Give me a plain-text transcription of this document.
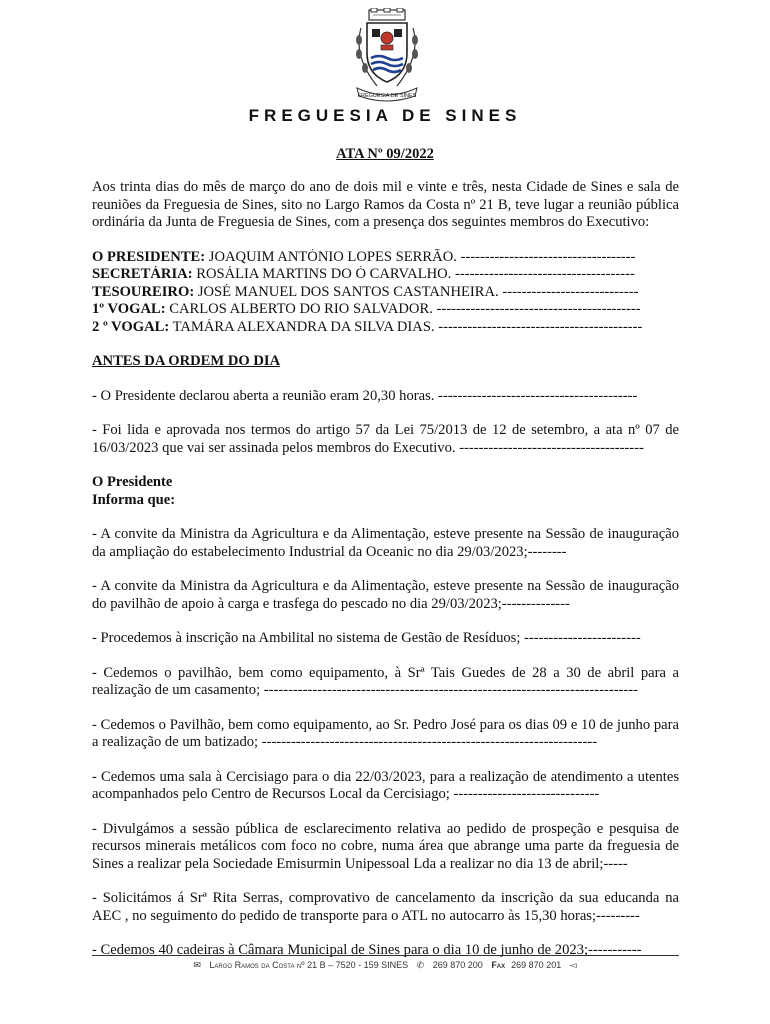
FREGUESIA DE SINES
FREGUESIA DE SINES
ATA Nº 09/2022

Aos trinta dias do mês de março do ano de dois mil e vinte e três, nesta Cidade de Sines e sala de reuniões da Freguesia de Sines, sito no Largo Ramos da Costa nº 21 B, teve lugar a reunião pública ordinária da Junta de Freguesia de Sines, com a presença dos seguintes membros do Executivo:

O PRESIDENTE: JOAQUIM ANTÓNIO LOPES SERRÃO. ------------------------------------

SECRETÁRIA: ROSÁLIA MARTINS DO Ó CARVALHO. -------------------------------------

TESOUREIRO: JOSÉ MANUEL DOS SANTOS CASTANHEIRA. ----------------------------

1º VOGAL: CARLOS ALBERTO DO RIO SALVADOR. ------------------------------------------

2 º VOGAL: TAMÁRA ALEXANDRA DA SILVA DIAS. ------------------------------------------

ANTES DA ORDEM DO DIA

- O Presidente declarou aberta a reunião eram 20,30 horas. -----------------------------------------

- Foi lida e aprovada nos termos do artigo 57 da Lei 75/2013 de 12 de setembro, a ata nº 07 de 16/03/2023 que vai ser assinada pelos membros do Executivo. --------------------------------------

O Presidente

Informa que:

- A convite da Ministra da Agricultura e da Alimentação, esteve presente na Sessão de inauguração da ampliação do estabelecimento Industrial da Oceanic no dia 29/03/2023;--------

- A convite da Ministra da Agricultura e da Alimentação, esteve presente na Sessão de inauguração do pavilhão de apoio à carga e trasfega do pescado no dia 29/03/2023;--------------

- Procedemos à inscrição na Ambilital no sistema de Gestão de Resíduos; ------------------------

- Cedemos o pavilhão, bem como equipamento, à Srª Tais Guedes de 28 a 30 de abril para a realização de um casamento; -----------------------------------------------------------------------------

- Cedemos o Pavilhão, bem como equipamento, ao Sr. Pedro José para os dias 09 e 10 de junho para a realização de um batizado; ---------------------------------------------------------------------

- Cedemos uma sala à Cercisiago para o dia 22/03/2023, para a realização de atendimento a utentes acompanhados pelo Centro de Recursos Local da Cercisiago; ------------------------------

- Divulgámos a sessão pública de esclarecimento relativa ao pedido de prospeção e pesquisa de recursos minerais metálicos com foco no cobre, numa área que abrange uma parte da freguesia de Sines a realizar pela Sociedade Emisurmin Unipessoal Lda a realizar no dia 13 de abril;-----

- Solicitámos á Srª Rita Serras, comprovativo de cancelamento da inscrição da sua educanda na AEC , no seguimento do pedido de transporte para o ATL no autocarro às 15,30 horas;---------

- Cedemos 40 cadeiras à Câmara Municipal de Sines para o dia 10 de junho de 2023;-----------

✉ Largo Ramos da Costa nº 21 B – 7520 - 159 SINES ✆ 269 870 200 Fax 269 870 201 ◅
